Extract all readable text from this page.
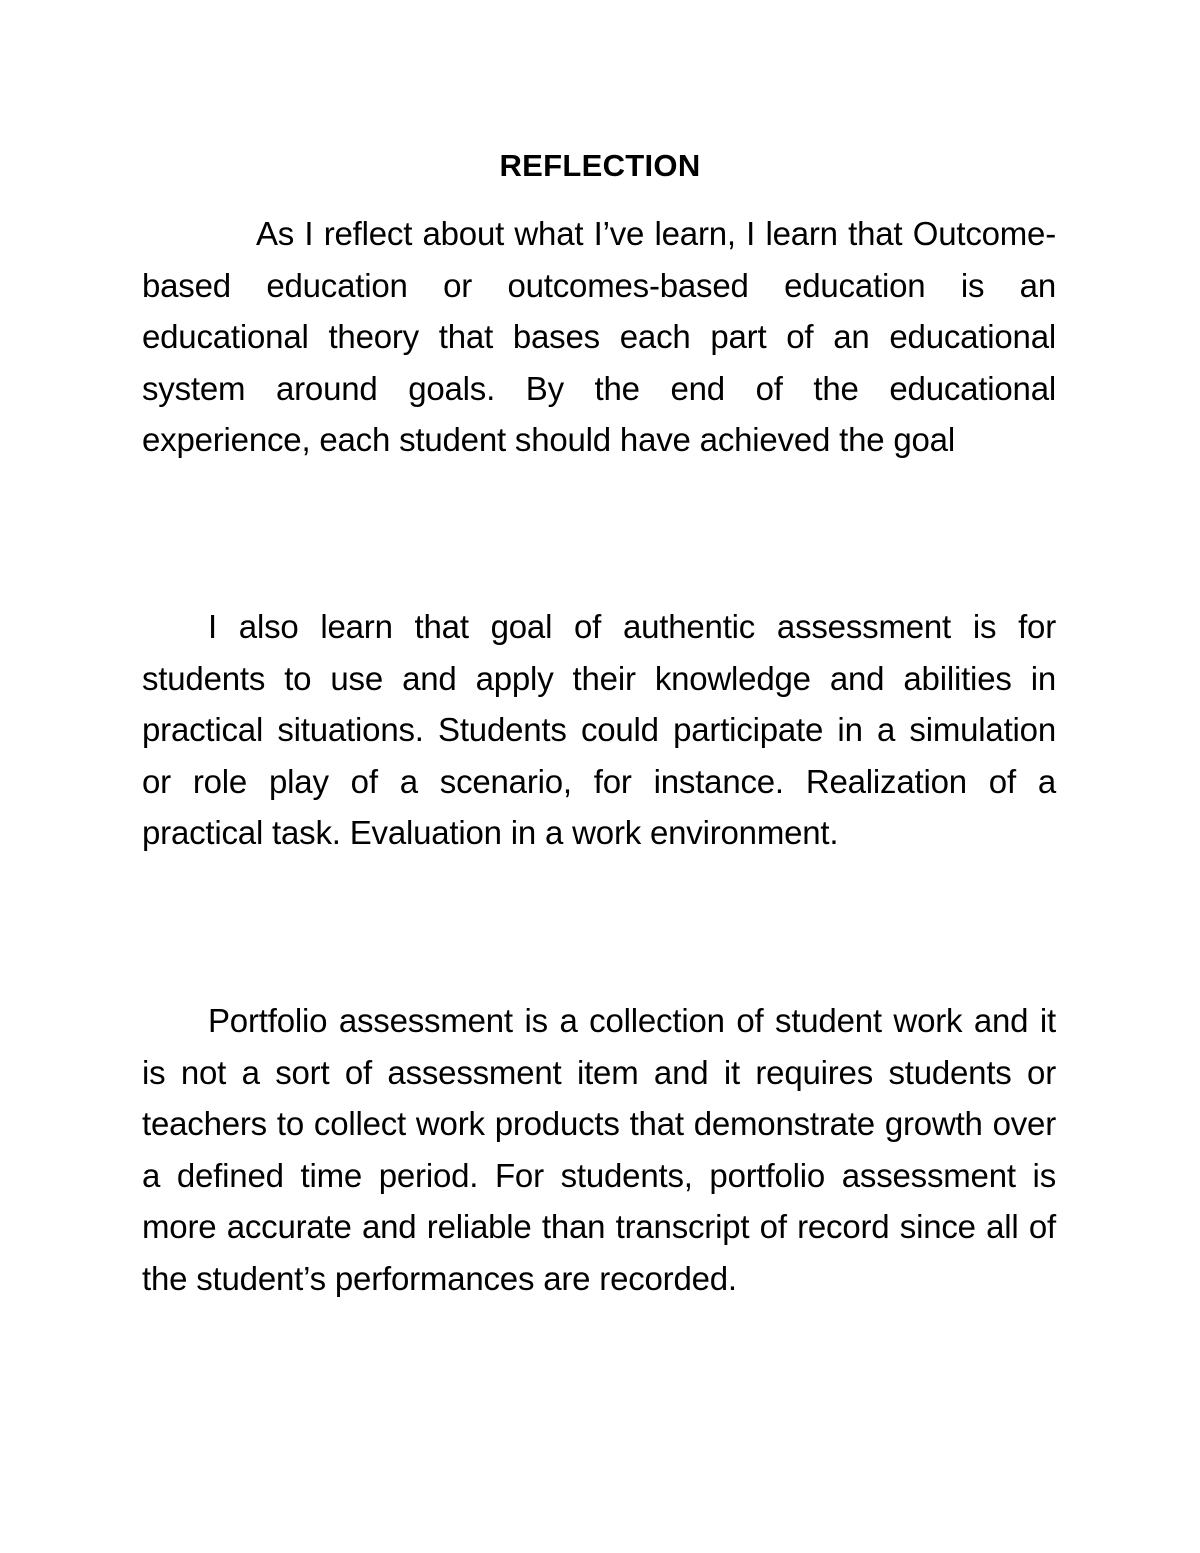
REFLECTION

As I reflect about what I’ve learn, I learn that Outcome-based education or outcomes-based education is an educational theory that bases each part of an educational system around goals. By the end of the educational experience, each student should have achieved the goal

I also learn that goal of authentic assessment is for students to use and apply their knowledge and abilities in practical situations. Students could participate in a simulation or role play of a scenario, for instance. Realization of a practical task. Evaluation in a work environment.

Portfolio assessment is a collection of student work and it is not a sort of assessment item and it requires students or teachers to collect work products that demonstrate growth over a defined time period. For students, portfolio assessment is more accurate and reliable than transcript of record since all of the student’s performances are recorded.
